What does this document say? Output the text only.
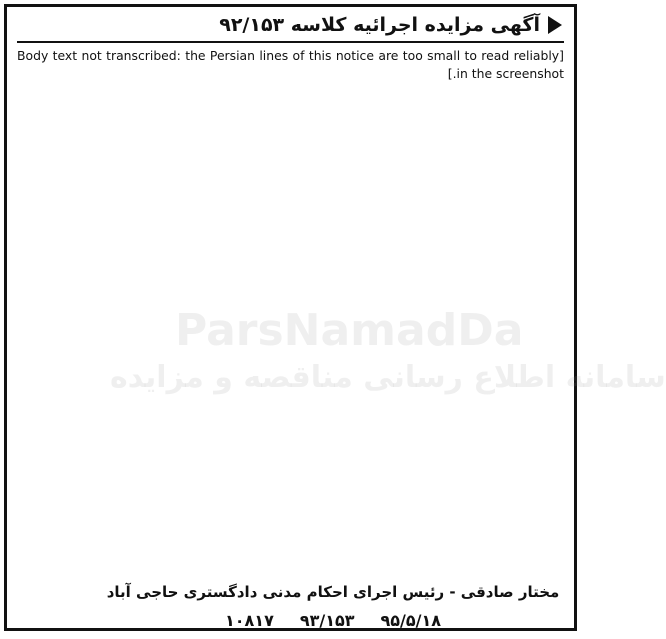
آگهی مزایده اجرائیه کلاسه ۹۲/۱۵۳

[Body text not transcribed: the Persian lines of this notice are too small to read reliably in the screenshot.]

مختار صادقی - رئیس اجرای احکام مدنی دادگستری حاجی آباد

۹۵/۵/۱۸
۹۳/۱۵۳
۱۰۸۱۷
سامانه
